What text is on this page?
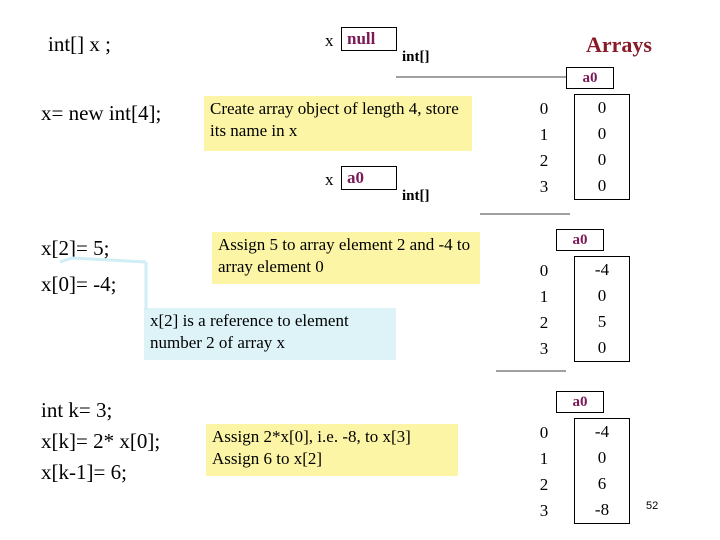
Arrays
int[] x ;
x= new int[4];
x[2]= 5;
x[0]= -4;
int k= 3;
x[k]= 2* x[0];
x[k-1]= 6;
x null
int[]
x a0
int[]
Create array object of length 4, store its name in x
Assign 5 to array element 2 and -4 to array element 0
x[2] is a reference to element number 2 of array x
Assign 2*x[0], i.e. -8, to x[3] Assign 6 to x[2]
a0
0
1
2
3
0
0
0
0
a0
0
1
2
3
-4
0
5
0
a0
0
1
2
3
-4
0
6
-8	52
